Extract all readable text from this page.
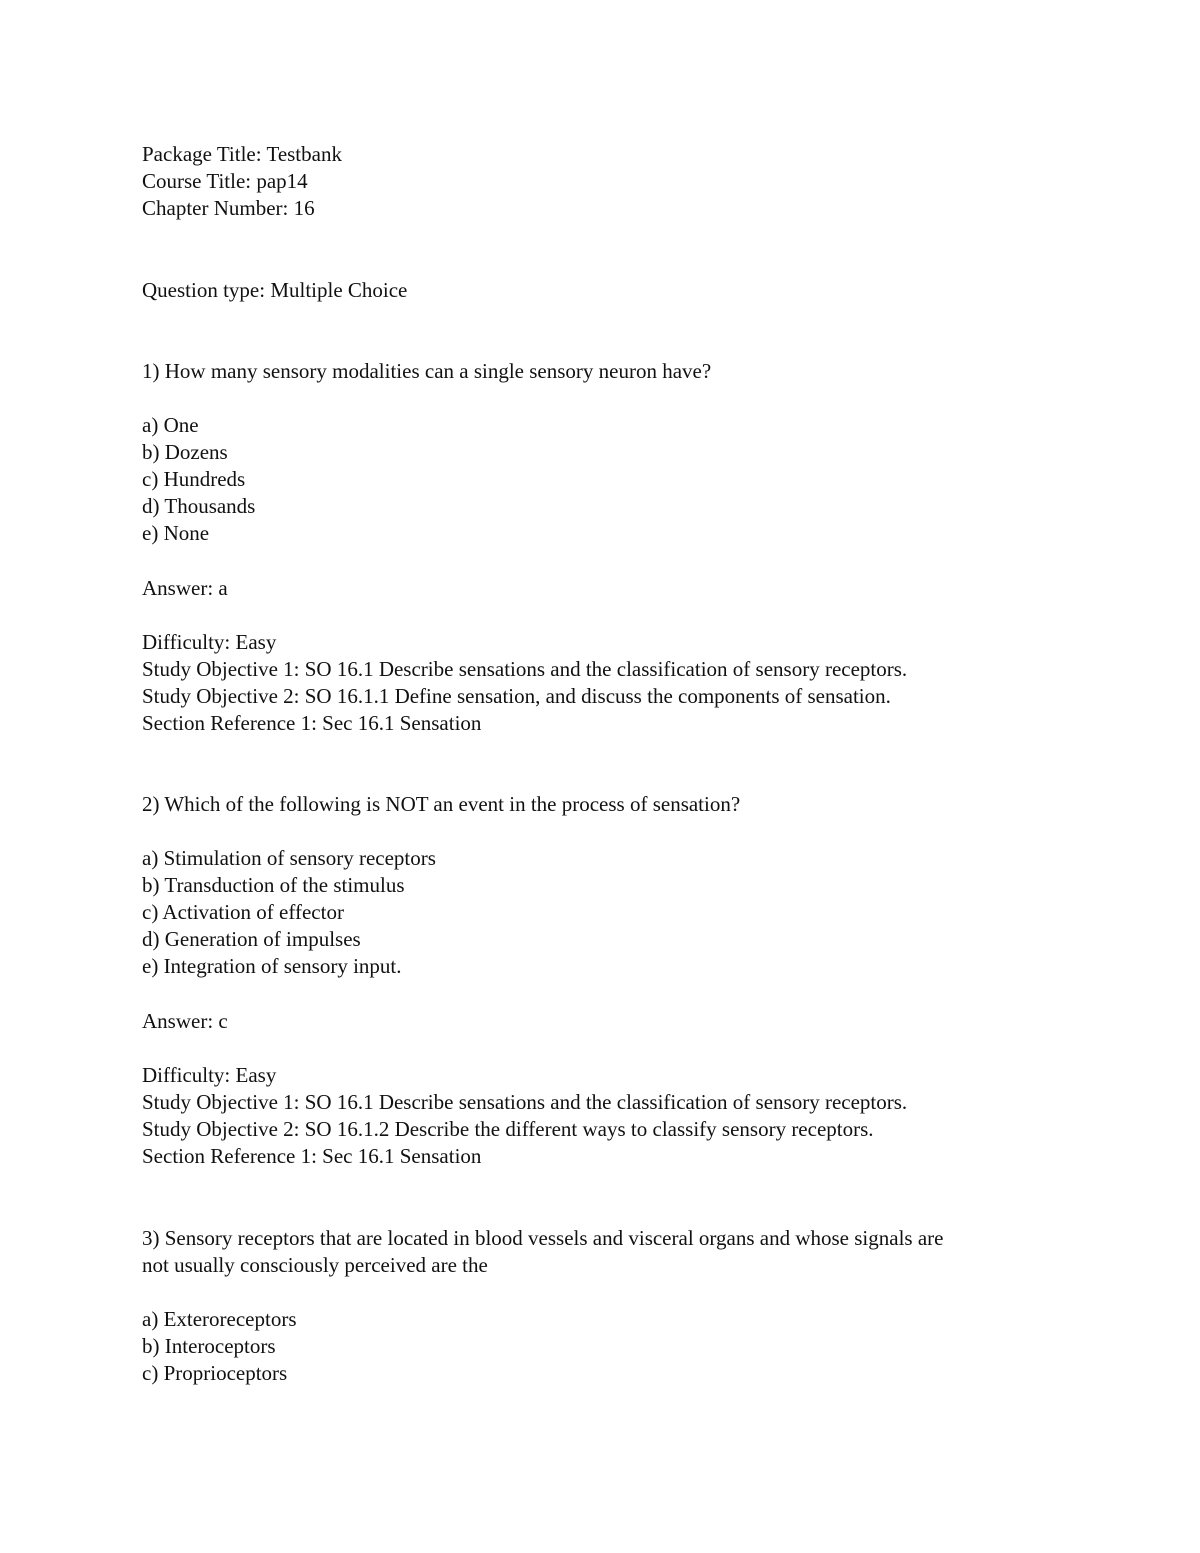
Package Title: Testbank
Course Title: pap14
Chapter Number: 16
Question type: Multiple Choice
1) How many sensory modalities can a single sensory neuron have?
a) One
b) Dozens
c) Hundreds
d) Thousands
e) None
Answer: a
Difficulty: Easy
Study Objective 1: SO 16.1 Describe sensations and the classification of sensory receptors.
Study Objective 2: SO 16.1.1 Define sensation, and discuss the components of sensation.
Section Reference 1: Sec 16.1 Sensation
2) Which of the following is NOT an event in the process of sensation?
a) Stimulation of sensory receptors
b) Transduction of the stimulus
c) Activation of effector
d) Generation of impulses
e) Integration of sensory input.
Answer: c
Difficulty: Easy
Study Objective 1: SO 16.1 Describe sensations and the classification of sensory receptors.
Study Objective 2: SO 16.1.2 Describe the different ways to classify sensory receptors.
Section Reference 1: Sec 16.1 Sensation
3) Sensory receptors that are located in blood vessels and visceral organs and whose signals are
not usually consciously perceived are the
a) Exteroreceptors
b) Interoceptors
c) Proprioceptors
